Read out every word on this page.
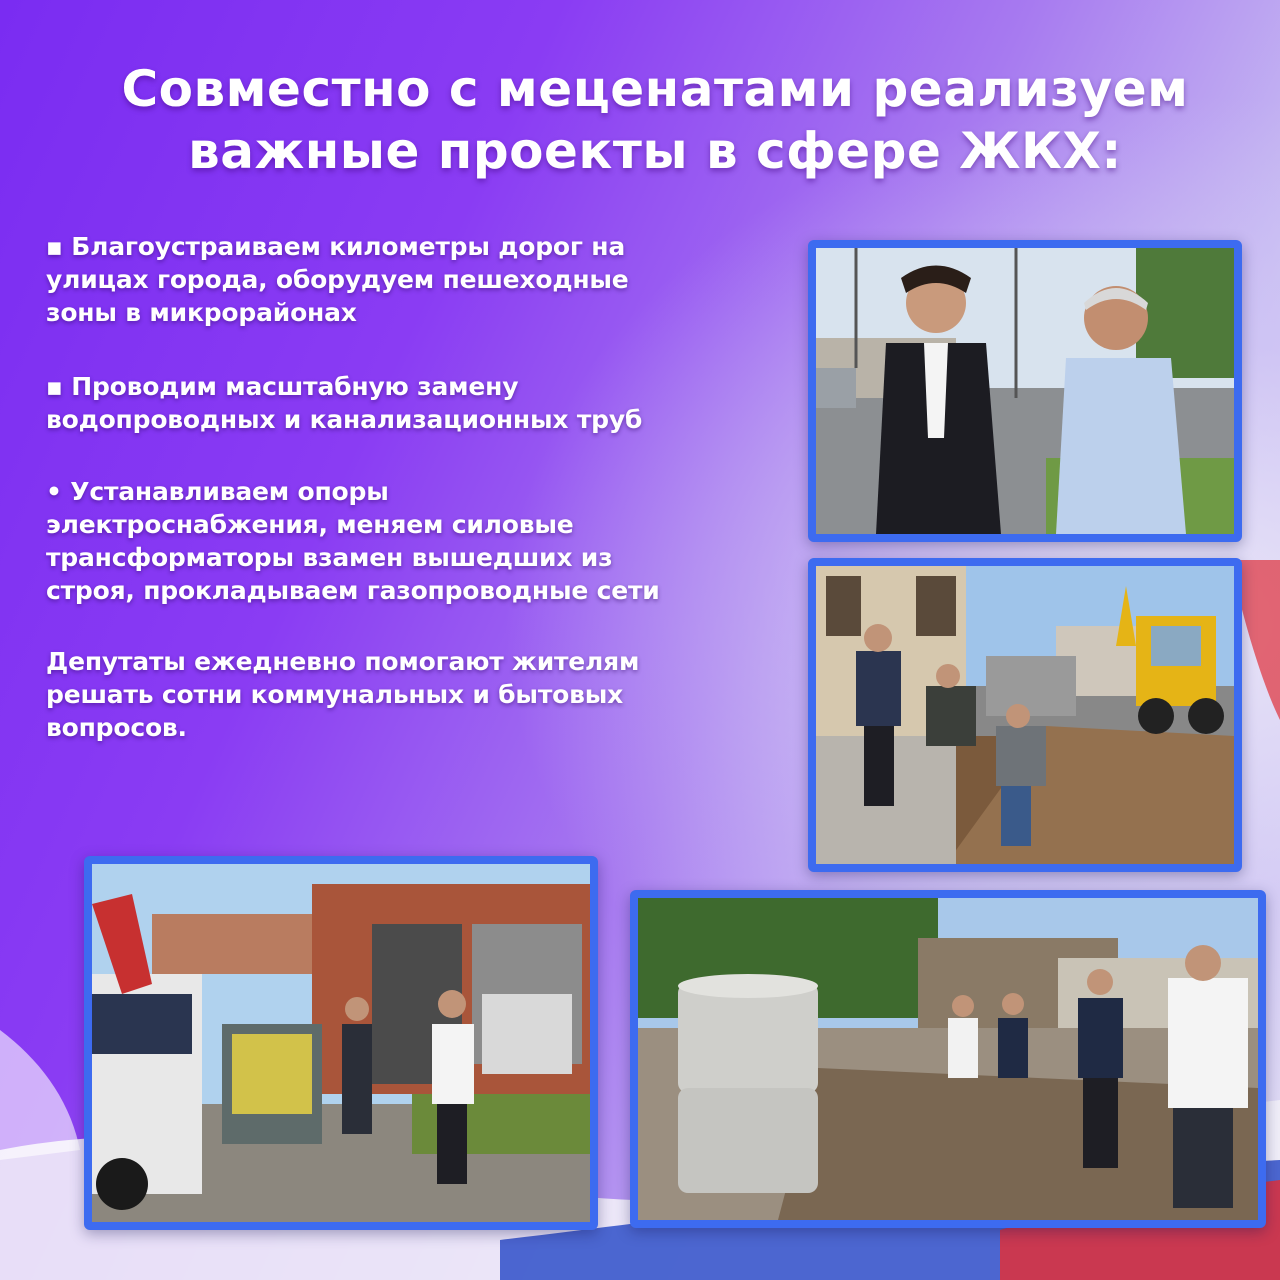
Совместно с меценатами реализуем
важные проекты в сфере ЖКХ:
▪ Благоустраиваем километры дорог на
улицах города, оборудуем пешеходные
зоны в микрорайонах
▪ Проводим масштабную замену
водопроводных и канализационных труб
• Устанавливаем опоры
электроснабжения, меняем силовые
трансформаторы взамен вышедших из
строя, прокладываем газопроводные сети
Депутаты ежедневно помогают жителям
решать сотни коммунальных и бытовых
вопросов.
